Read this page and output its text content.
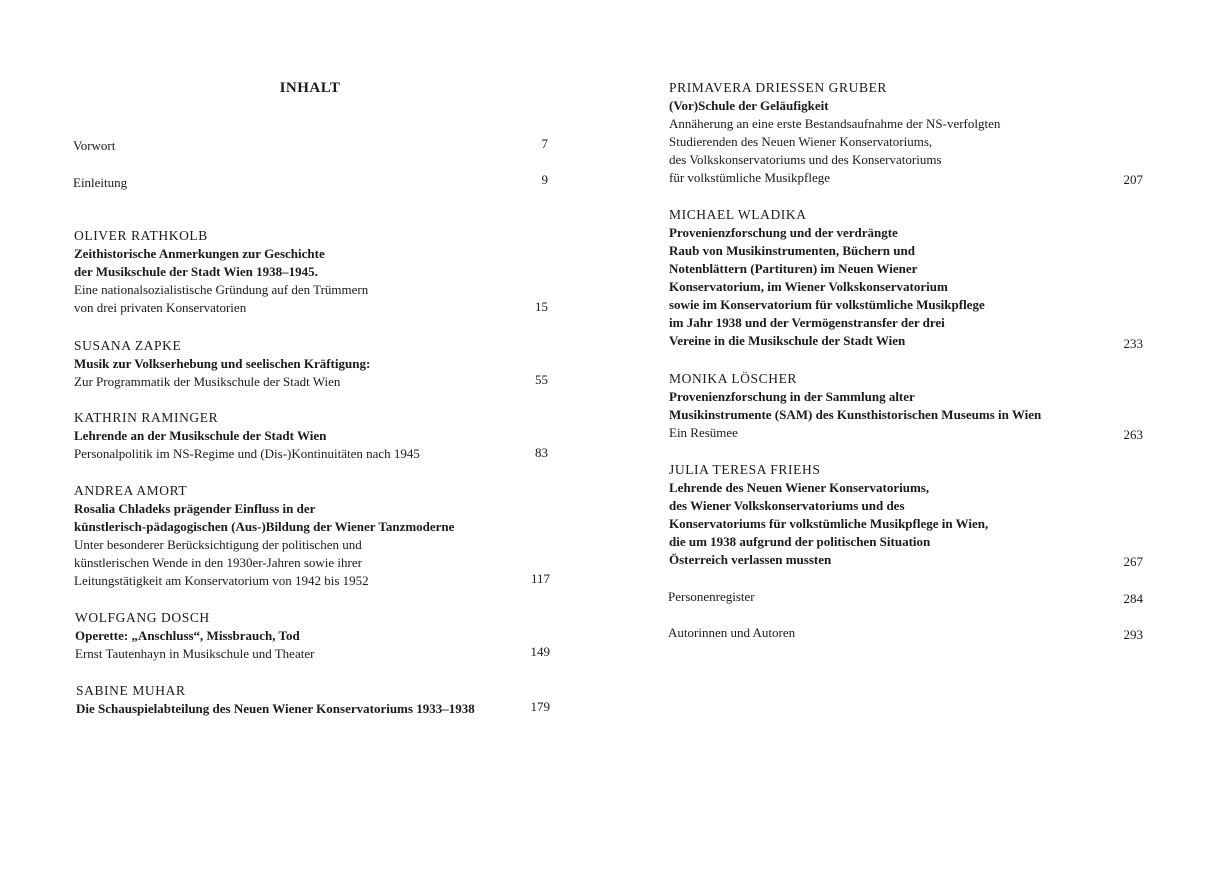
INHALT
Vorwort	7
Einleitung	9
OLIVER RATHKOLB
Zeithistorische Anmerkungen zur Geschichte
der Musikschule der Stadt Wien 1938–1945.
Eine nationalsozialistische Gründung auf den Trümmern
von drei privaten Konservatorien	15
SUSANA ZAPKE
Musik zur Volkserhebung und seelischen Kräftigung:
Zur Programmatik der Musikschule der Stadt Wien	55
KATHRIN RAMINGER
Lehrende an der Musikschule der Stadt Wien
Personalpolitik im NS-Regime und (Dis-)Kontinuitäten nach 1945	83
ANDREA AMORT
Rosalia Chladeks prägender Einfluss in der
künstlerisch-pädagogischen (Aus-)Bildung der Wiener Tanzmoderne
Unter besonderer Berücksichtigung der politischen und
künstlerischen Wende in den 1930er-Jahren sowie ihrer
Leitungstätigkeit am Konservatorium von 1942 bis 1952	117
WOLFGANG DOSCH
Operette: „Anschluss“, Missbrauch, Tod
Ernst Tautenhayn in Musikschule und Theater	149
SABINE MUHAR
Die Schauspielabteilung des Neuen Wiener Konservatoriums 1933–1938	179
PRIMAVERA DRIESSEN GRUBER
(Vor)Schule der Geläufigkeit
Annäherung an eine erste Bestandsaufnahme der NS-verfolgten
Studierenden des Neuen Wiener Konservatoriums,
des Volkskonservatoriums und des Konservatoriums
für volkstümliche Musikpflege	207
MICHAEL WLADIKA
Provenienzforschung und der verdrängte
Raub von Musikinstrumenten, Büchern und
Notenblättern (Partituren) im Neuen Wiener
Konservatorium, im Wiener Volkskonservatorium
sowie im Konservatorium für volkstümliche Musikpflege
im Jahr 1938 und der Vermögenstransfer der drei
Vereine in die Musikschule der Stadt Wien	233
MONIKA LÖSCHER
Provenienzforschung in der Sammlung alter
Musikinstrumente (SAM) des Kunsthistorischen Museums in Wien
Ein Resümee	263
JULIA TERESA FRIEHS
Lehrende des Neuen Wiener Konservatoriums,
des Wiener Volkskonservatoriums und des
Konservatoriums für volkstümliche Musikpflege in Wien,
die um 1938 aufgrund der politischen Situation
Österreich verlassen mussten	267
Personenregister	284
Autorinnen und Autoren	293
